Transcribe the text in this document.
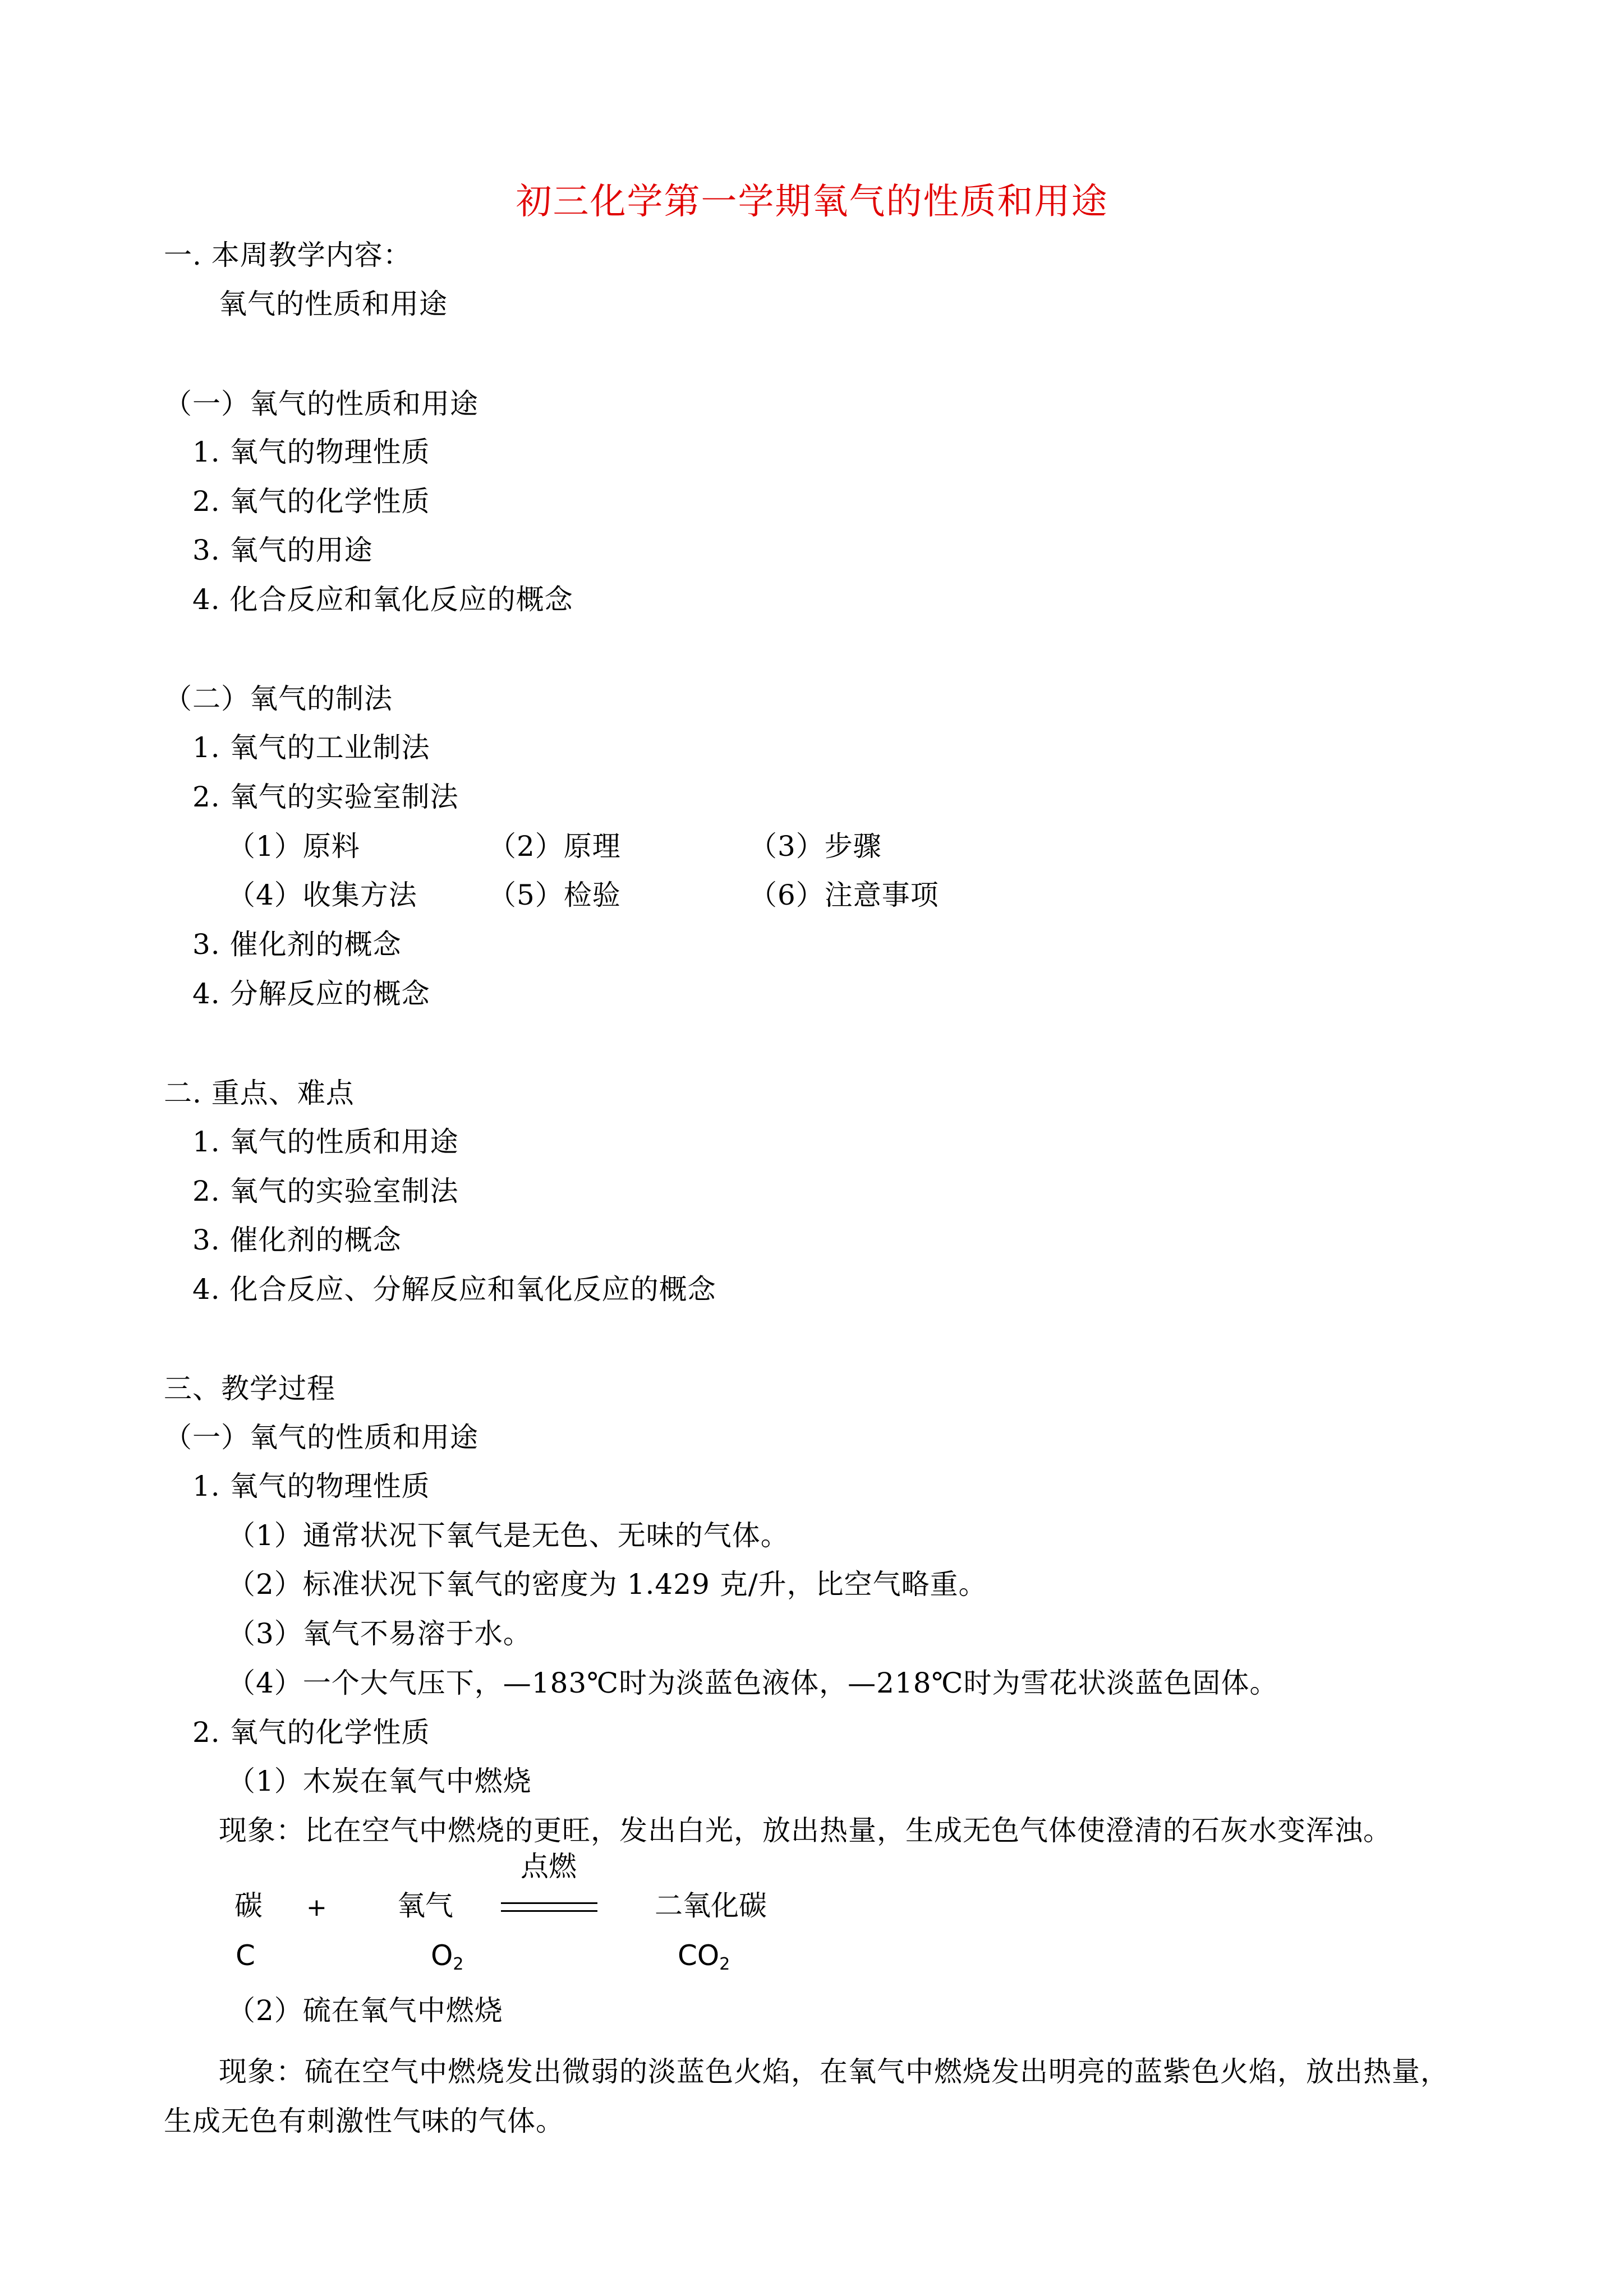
初三化学第一学期氧气的性质和用途
一. 本周教学内容：
氧气的性质和用途
（一）氧气的性质和用途
1. 氧气的物理性质
2. 氧气的化学性质
3. 氧气的用途
4. 化合反应和氧化反应的概念
（二）氧气的制法
1. 氧气的工业制法
2. 氧气的实验室制法
（1）原料	（2）原理	（3）步骤
（4）收集方法	（5）检验	（6）注意事项
3. 催化剂的概念
4. 分解反应的概念
二. 重点、难点
1. 氧气的性质和用途
2. 氧气的实验室制法
3. 催化剂的概念
4. 化合反应、分解反应和氧化反应的概念
三、教学过程
（一）氧气的性质和用途
1. 氧气的物理性质
（1）通常状况下氧气是无色、无味的气体。
（2）标准状况下氧气的密度为 1.429 克/升，比空气略重。
（3）氧气不易溶于水。
（4）一个大气压下，—183℃时为淡蓝色液体，—218℃时为雪花状淡蓝色固体。
2. 氧气的化学性质
（1）木炭在氧气中燃烧
现象：比在空气中燃烧的更旺，发出白光，放出热量，生成无色气体使澄清的石灰水变浑浊。
碳 +	氧气
点燃
二氧化碳
C	$O_2$	$CO_2$
（2）硫在氧气中燃烧
现象：硫在空气中燃烧发出微弱的淡蓝色火焰，在氧气中燃烧发出明亮的蓝紫色火焰，放出热量，
生成无色有刺激性气味的气体。
